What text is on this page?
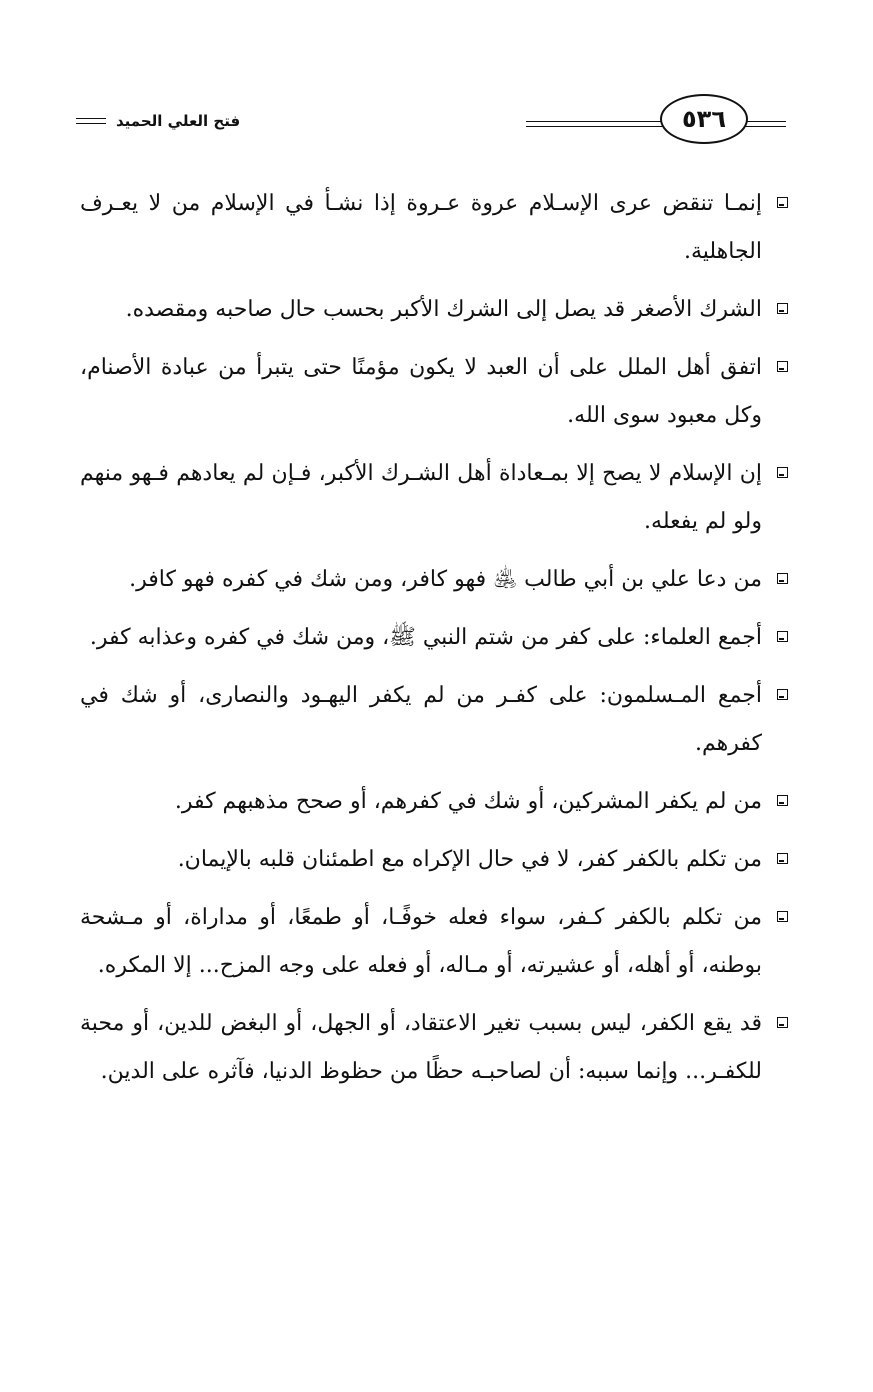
فتح العلي الحميد	٥٣٦
إنمـا تنقض عرى الإسـلام عروة عـروة إذا نشـأ في الإسلام من لا يعـرف الجاهلية.
الشرك الأصغر قد يصل إلى الشرك الأكبر بحسب حال صاحبه ومقصده.
اتفق أهل الملل على أن العبد لا يكون مؤمنًا حتى يتبرأ من عبادة الأصنام، وكل معبود سوى الله.
إن الإسلام لا يصح إلا بمـعاداة أهل الشـرك الأكبر، فـإن لم يعادهم فـهو منهم ولو لم يفعله.
من دعا علي بن أبي طالب ﵁ فهو كافر، ومن شك في كفره فهو كافر.
أجمع العلماء: على كفر من شتم النبي ﷺ، ومن شك في كفره وعذابه كفر.
أجمع المـسلمون: على كفـر من لم يكفر اليهـود والنصارى، أو شك في كفرهم.
من لم يكفر المشركين، أو شك في كفرهم، أو صحح مذهبهم كفر.
من تكلم بالكفر كفر، لا في حال الإكراه مع اطمئنان قلبه بالإيمان.
من تكلم بالكفر كـفر، سواء فعله خوفًـا، أو طمعًا، أو مداراة، أو مـشحة بوطنه، أو أهله، أو عشيرته، أو مـاله، أو فعله على وجه المزح... إلا المكره.
قد يقع الكفر، ليس بسبب تغير الاعتقاد، أو الجهل، أو البغض للدين، أو محبة للكفـر... وإنما سببه: أن لصاحبـه حظًا من حظوظ الدنيا، فآثره على الدين.
